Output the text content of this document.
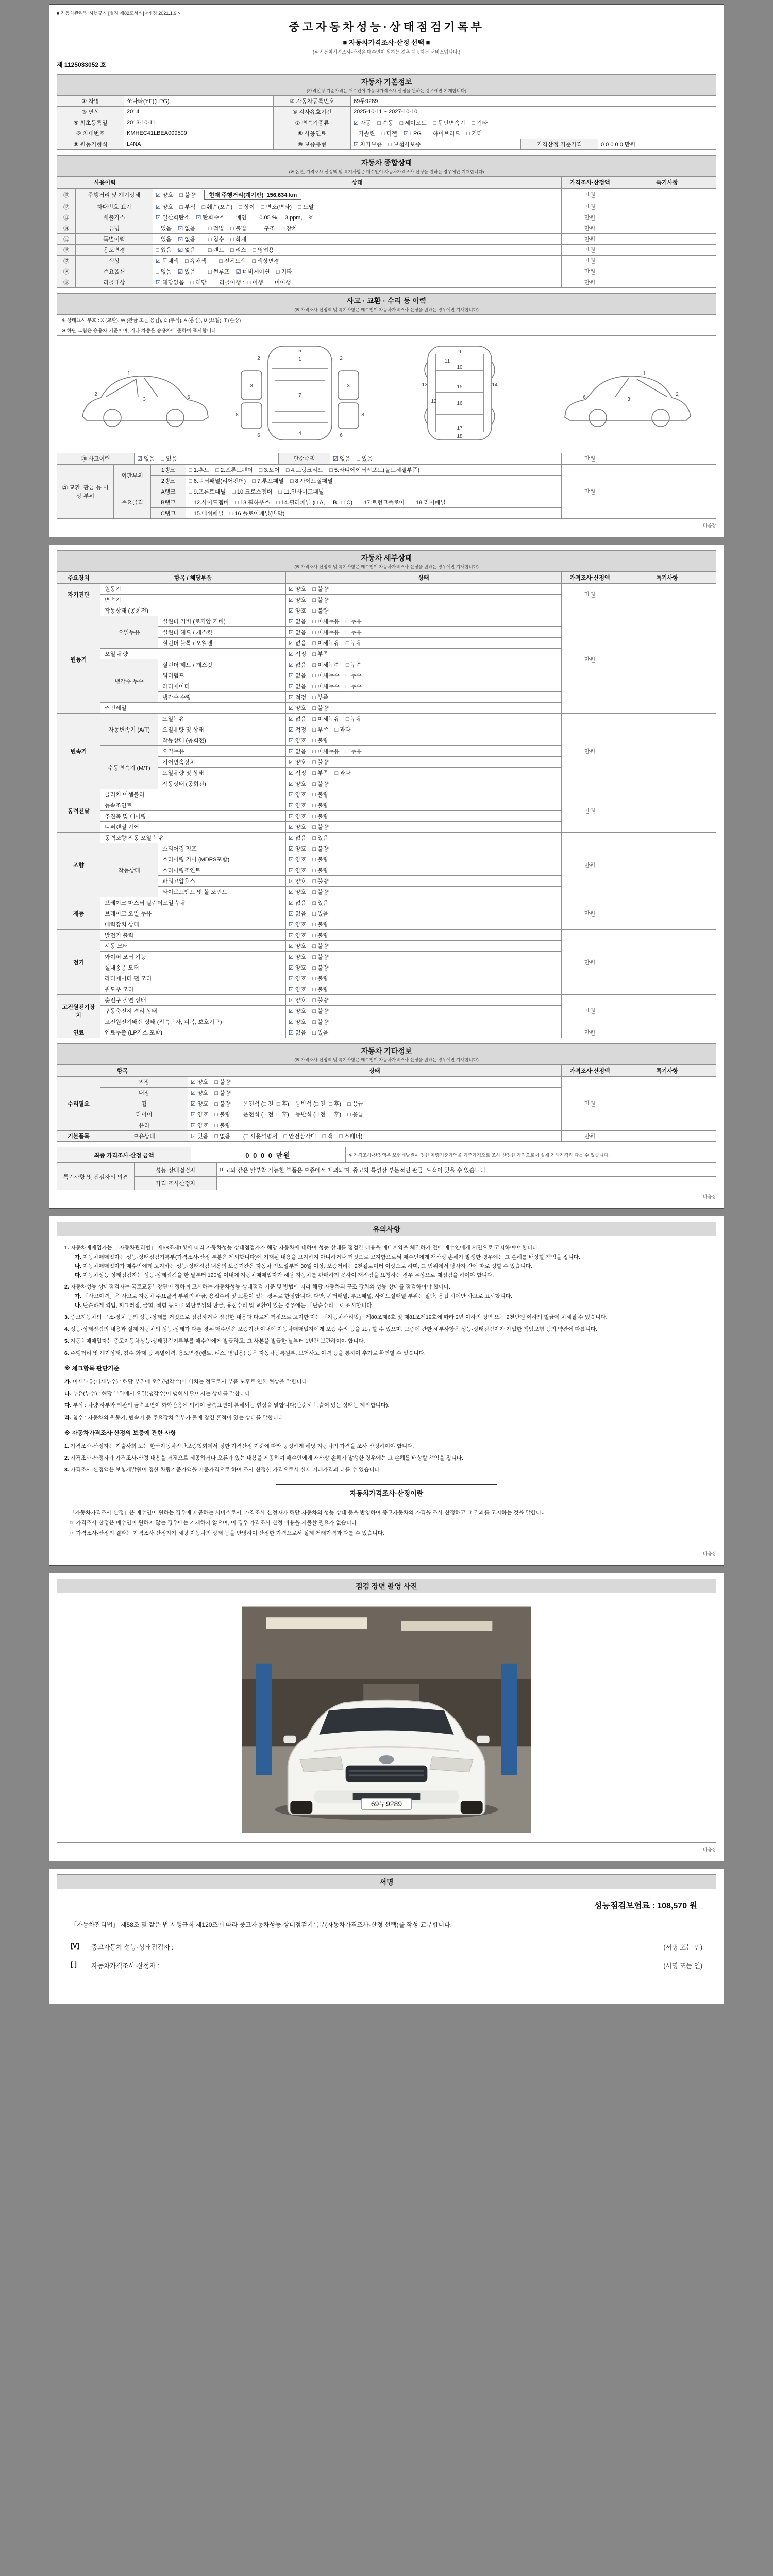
■ 자동차관리법 시행규칙 [별지 제82호서식] <개정 2021.1.9.>
중고자동차성능·상태점검기록부
■ 자동차가격조사·산정 선택 ■
(※ 자동차가격조사·산정은 매수인이 원하는 경우 제공하는 서비스입니다.)
제 1125033052 호
자동차 기본정보
(가격산정 기준가격은 매수인이 자동차가격조사·산정을 원하는 경우에만 기재합니다)
① 차명	쏘나타(YF)(LPG)	② 자동차등록번호	69두9289		
③ 연식	2014	④ 검사유효기간	2025-10-11 ~ 2027-10-10		
⑤ 최초등록일	2013-10-11	⑦ 변속기종류	☑ 자동    □ 수동    □ 세미오토    □ 무단변속기    □ 기타		
⑥ 차대번호	KMHEC41LBEA009509	⑧ 사용연료	□ 가솔린    □ 디젤    ☑ LPG    □ 하이브리드    □ 기타		
⑨ 원동기형식	L4NA	⑩ 보증유형	☑ 자가보증    □ 보험사보증	가격산정 기준가격	0 0 0 0 0 만원
자동차 종합상태
(※ 옵션, 가격조사·산정액 및 특기사항은 매수인이 자동차가격조사·산정을 원하는 경우에만 기재합니다)
사용이력		상태	가격조사·산정액	특기사항
⑪	주행거리 및 계기상태	☑ 양호    □ 불량 현재 주행거리(계기판)  156,634 km	만원	
⑫	차대번호 표기	☑ 양호    □ 부식    □ 훼손(오손)    □ 상이    □ 변조(변타)    □ 도말	만원	
⑬	배출가스	☑ 일산화탄소    ☑ 탄화수소    □ 매연        0.05 %,    3 ppm,    %	만원	
⑭	튜닝	□ 있음    ☑ 없음        □ 적법    □ 불법        □ 구조    □ 장치	만원	
⑮	특별이력	□ 있음    ☑ 없음        □ 침수    □ 화재	만원	
⑯	용도변경	□ 있음    ☑ 없음        □ 렌트    □ 리스    □ 영업용	만원	
⑰	색상	☑ 무채색    □ 유채색        □ 전체도색    □ 색상변경	만원	
⑱	주요옵션	□ 없음    ☑ 있음        □ 썬루프    ☑ 네비게이션    □ 기타	만원	
⑲	리콜대상	☑ 해당없음    □ 해당        리콜이행 :  □ 이행    □ 미이행	만원	
사고 · 교환 · 수리 등 이력
(※ 가격조사·산정액 및 특기사항은 매수인이 자동차가격조사·산정을 원하는 경우에만 기재합니다)
※ 상태표시 부호 : X (교환), W (판금 또는 용접), C (부식), A (흠집), U (요철), T (손상)
※ 하단 그림은 승용차 기준이며, 기타 차종은 승용차에 준하여 표시합니다.
1
5
7
4
2	2
3	3
6	6
8	8
9
10
11
12
13	14
15
16
17
18
1
2
3	6
1
2
3
6
⑳ 사고이력	☑ 없음    □ 있음	단순수리	☑ 없음    □ 있음	만원	
㉑ 교환, 판금 등 이상 부위	외판부위	1랭크	□ 1.후드    □ 2.프론트펜더    □ 3.도어    □ 4.트렁크리드    □ 5.라디에이터서포트(볼트체결부품)	만원	
		2랭크	□ 6.쿼터패널(리어펜더)    □ 7.루프패널    □ 8.사이드실패널		
	주요골격	A랭크	□ 9.프론트패널    □ 10.크로스멤버    □ 11.인사이드패널		
		B랭크	□ 12.사이드멤버    □ 13.휠하우스    □ 14.필러패널 (□ A,  □ B,  □ C)    □ 17.트렁크플로어    □ 18.리어패널		
		C랭크	□ 15.대쉬패널    □ 16.플로어패널(바닥)		
다음장
자동차 세부상태
(※ 가격조사·산정액 및 특기사항은 매수인이 자동차가격조사·산정을 원하는 경우에만 기재합니다)
주요장치	항목 / 해당부품		상태	가격조사·산정액	특기사항
자기진단	원동기		☑ 양호    □ 불량	만원	
	변속기		☑ 양호    □ 불량		
원동기	작동상태 (공회전)		☑ 양호    □ 불량	만원	
	오일누유	실린더 커버 (로커암 커버)	☑ 없음    □ 미세누유    □ 누유		
		실린더 헤드 / 개스킷	☑ 없음    □ 미세누유    □ 누유		
		실린더 블록 / 오일팬	☑ 없음    □ 미세누유    □ 누유		
	오일 유량		☑ 적정    □ 부족		
	냉각수 누수	실린더 헤드 / 개스킷	☑ 없음    □ 미세누수    □ 누수		
		워터펌프	☑ 없음    □ 미세누수    □ 누수		
		라디에이터	☑ 없음    □ 미세누수    □ 누수		
		냉각수 수량	☑ 적정    □ 부족		
	커먼레일		☑ 양호    □ 불량		
변속기	자동변속기 (A/T)	오일누유	☑ 없음    □ 미세누유    □ 누유	만원	
		오일유량 및 상태	☑ 적정    □ 부족    □ 과다		
		작동상태 (공회전)	☑ 양호    □ 불량		
	수동변속기 (M/T)	오일누유	☑ 없음    □ 미세누유    □ 누유		
		기어변속장치	☑ 양호    □ 불량		
		오일유량 및 상태	☑ 적정    □ 부족    □ 과다		
		작동상태 (공회전)	☑ 양호    □ 불량		
동력전달	클러치 어셈블리		☑ 양호    □ 불량	만원	
	등속조인트		☑ 양호    □ 불량		
	추진축 및 베어링		☑ 양호    □ 불량		
	디퍼렌셜 기어		☑ 양호    □ 불량		
조향	동력조향 작동 오일 누유		☑ 없음    □ 있음	만원	
	작동상태	스티어링 펌프	☑ 양호    □ 불량		
		스티어링 기어 (MDPS포함)	☑ 양호    □ 불량		
		스티어링조인트	☑ 양호    □ 불량		
		파워고압호스	☑ 양호    □ 불량		
		타이로드엔드 및 볼 조인트	☑ 양호    □ 불량		
제동	브레이크 마스터 실린더오일 누유		☑ 없음    □ 있음	만원	
	브레이크 오일 누유		☑ 없음    □ 있음		
	배력장치 상태		☑ 양호    □ 불량		
전기	발전기 출력		☑ 양호    □ 불량	만원	
	시동 모터		☑ 양호    □ 불량		
	와이퍼 모터 기능		☑ 양호    □ 불량		
	실내송풍 모터		☑ 양호    □ 불량		
	라디에이터 팬 모터		☑ 양호    □ 불량		
	윈도우 모터		☑ 양호    □ 불량		
고전원전기장치	충전구 절연 상태		☑ 양호    □ 불량	만원	
	구동축전지 격리 상태		☑ 양호    □ 불량		
	고전원전기배선 상태 (접속단자, 피복, 보호기구)		☑ 양호    □ 불량		
연료	연료누출 (LP가스 포함)		☑ 없음    □ 있음	만원	
자동차 기타정보
(※ 가격조사·산정액 및 특기사항은 매수인이 자동차가격조사·산정을 원하는 경우에만 기재합니다)
항목		상태	가격조사·산정액	특기사항
수리필요	외장	☑ 양호    □ 불량	만원	
	내장	☑ 양호    □ 불량		
	휠	☑ 양호    □ 불량        운전석 (□ 전  □ 후)    동반석 (□ 전  □ 후)    □ 응급		
	타이어	☑ 양호    □ 불량        운전석 (□ 전  □ 후)    동반석 (□ 전  □ 후)    □ 응급		
	유리	☑ 양호    □ 불량		
기본품목	보유상태	☑ 있음    □ 없음        (□ 사용설명서    □ 안전삼각대    □ 잭    □ 스패너)	만원	
최종 가격조사·산정 금액	0 0 0 0 만원	※ 가격조사·산정액은 보험개발원이 정한 차량기준가액을 기준가격으로 조사·산정한 가격으로서 실제 거래가격과 다를 수 있습니다.
특기사항 및 점검자의 의견	성능·상태점검자	비고와 같은 탈부착 가능한 부품은 보증에서 제외되며, 중고차 특성상 부분적인 판금, 도색이 있을 수 있습니다.
	가격·조사산정자	
다음장
유의사항
1. 자동차매매업자는 「자동차관리법」 제58조제1항에 따라 자동차성능·상태점검자가 해당 자동차에 대하여 성능·상태를 점검한 내용을 매매계약을 체결하기 전에 매수인에게 서면으로 고지하여야 합니다.
가. 자동차매매업자는 성능·상태점검기록부(가격조사·산정 부분은 제외합니다)에 기재된 내용을 고지하지 아니하거나 거짓으로 고지함으로써 매수인에게 재산상 손해가 발생한 경우에는 그 손해를 배상할 책임을 집니다.
나. 자동차매매업자가 매수인에게 고지하는 성능·상태점검 내용의 보증기간은 자동차 인도일부터 30일 이상, 보증거리는 2천킬로미터 이상으로 하며, 그 범위에서 당사자 간에 따로 정할 수 있습니다.
다. 자동차성능·상태점검자는 성능·상태점검을 한 날부터 120일 이내에 자동차매매업자가 해당 자동차를 판매하지 못하여 재점검을 요청하는 경우 무상으로 재점검을 하여야 합니다.
2. 자동차성능·상태점검자는 국토교통부장관이 정하여 고시하는 자동차성능·상태점검 기준 및 방법에 따라 해당 자동차의 구조·장치의 성능·상태를 점검하여야 합니다.
가. 「사고이력」은 사고로 자동차 주요골격 부위의 판금, 용접수리 및 교환이 있는 경우로 한정합니다. 다만, 쿼터패널, 루프패널, 사이드실패널 부위는 절단, 용접 시에만 사고로 표시합니다.
나. 단순하게 꺾임, 찌그러짐, 긁힘, 찍힘 등으로 외판부위의 판금, 용접수리 및 교환이 있는 경우에는 「단순수리」로 표시합니다.
3. 중고자동차의 구조·장치 등의 성능·상태를 거짓으로 점검하거나 점검한 내용과 다르게 거짓으로 고지한 자는 「자동차관리법」 제80조제6호 및 제81조제19호에 따라 2년 이하의 징역 또는 2천만원 이하의 벌금에 처해질 수 있습니다.
4. 성능·상태점검의 내용과 실제 자동차의 성능·상태가 다른 경우 매수인은 보증기간 이내에 자동차매매업자에게 보증 수리 등을 요구할 수 있으며, 보증에 관한 세부사항은 성능·상태점검자가 가입한 책임보험 등의 약관에 따릅니다.
5. 자동차매매업자는 중고자동차성능·상태점검기록부를 매수인에게 발급하고, 그 사본을 발급한 날부터 1년간 보관하여야 합니다.
6. 주행거리 및 계기상태, 침수·화재 등 특별이력, 용도변경(렌트, 리스, 영업용) 등은 자동차등록원부, 보험사고 이력 등을 통하여 추가로 확인할 수 있습니다.
※ 체크항목 판단기준
가. 미세누유(미세누수) : 해당 부위에 오일(냉각수)이 비치는 정도로서 부품 노후로 인한 현상을 말합니다.
나. 누유(누수) : 해당 부위에서 오일(냉각수)이 맺혀서 떨어지는 상태를 말합니다.
다. 부식 : 차량 하부와 외판의 금속표면이 화학반응에 의하여 금속표면이 분해되는 현상을 말합니다(단순히 녹슬어 있는 상태는 제외합니다).
라. 침수 : 자동차의 원동기, 변속기 등 주요장치 일부가 물에 잠긴 흔적이 있는 상태를 말합니다.
※ 자동차가격조사·산정의 보증에 관한 사항
1. 가격조사·산정자는 기술사회 또는 한국자동차진단보증협회에서 정한 가격산정 기준에 따라 공정하게 해당 자동차의 가격을 조사·산정하여야 합니다.
2. 가격조사·산정자가 가격조사·산정 내용을 거짓으로 제공하거나 오류가 있는 내용을 제공하여 매수인에게 재산상 손해가 발생한 경우에는 그 손해를 배상할 책임을 집니다.
3. 가격조사·산정액은 보험개발원이 정한 차량기준가액을 기준가격으로 하여 조사·산정한 가격으로서 실제 거래가격과 다를 수 있습니다.
자동차가격조사·산정이란
「자동차가격조사·산정」은 매수인이 원하는 경우에 제공하는 서비스로서, 가격조사·산정자가 해당 자동차의 성능·상태 등을 반영하여 중고자동차의 가격을 조사·산정하고 그 결과를 고지하는 것을 말합니다.
☞ 가격조사·산정은 매수인이 원하지 않는 경우에는 기재하지 않으며, 이 경우 가격조사·산정 비용을 지불할 필요가 없습니다.
☞ 가격조사·산정의 결과는 가격조사·산정자가 해당 자동차의 상태 등을 반영하여 산정한 가격으로서 실제 거래가격과 다를 수 있습니다.
다음장
점검 장면 촬영 사진
69두9289
다음장
서명
성능점검보험료 : 108,570 원
「자동차관리법」 제58조 및 같은 법 시행규칙 제120조에 따라 중고자동차성능·상태점검기록부(자동차가격조사·산정 선택)를 작성·교부합니다.
[V]	중고자동차 성능·상태점검자 :	(서명 또는 인)
[ ]	자동차가격조사·산정자 :	(서명 또는 인)
